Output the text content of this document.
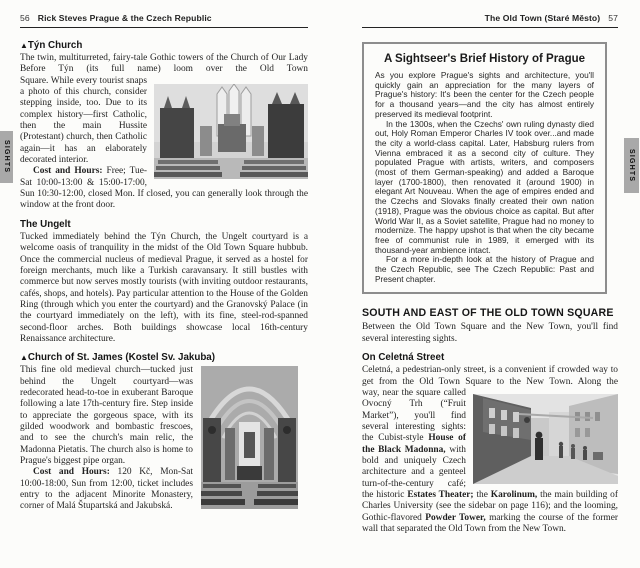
56 Rick Steves Prague & the Czech Republic
▲Týn Church

The twin, multiturreted, fairy-tale Gothic towers of the Church of Our Lady Before Týn (its full name) loom over the Old Town

Square. While every tourist snaps a photo of this church, consider stepping inside, too. Due to its complex history—first Catholic, then the main Hussite (Protestant) church, then Catholic again—it has an elaborately decorated interior.

Cost and Hours: Free; Tue-Sat 10:00-13:00 & 15:00-17:00, Sun 10:30-12:00, closed Mon. If closed, you can generally look through the window at the front door.

The Ungelt

Tucked immediately behind the Týn Church, the Ungelt courtyard is a welcome oasis of tranquility in the midst of the Old Town Square hubbub. Once the commercial nucleus of medieval Prague, it served as a hostel for foreign merchants, much like a Turkish caravansary. It still bustles with commerce but now serves mostly tourists (with inviting outdoor restaurants, cafés, shops, and hotels). Pay particular attention to the House of the Golden Ring (through which you enter the courtyard) and the Granovský Palace (in the courtyard immediately on the left), with its fine, steel-rod-spanned second-floor arches. Both buildings showcase local 16th-century Renaissance architecture.

▲Church of St. James (Kostel Sv. Jakuba)

This fine old medieval church—tucked just behind the Ungelt courtyard—was redecorated head-to-toe in exuberant Baroque following a late 17th-century fire. Step inside to appreciate the gorgeous space, with its gilded woodwork and bombastic frescoes, and to see the church's main relic, the Madonna Pietatis. The church also is home to Prague's biggest pipe organ.

Cost and Hours: 120 Kč, Mon-Sat 10:00-18:00, Sun from 12:00, ticket includes entry to the adjacent Minorite Monastery, corner of Malá Štupartská and Jakubská.

The Old Town (Staré Město) 57
A Sightseer's Brief History of Prague

As you explore Prague's sights and architecture, you'll quickly gain an appreciation for the many layers of Prague's history: It's been the center for the Czech people for a thousand years—and the city has almost entirely preserved its medieval footprint.

In the 1300s, when the Czechs' own ruling dynasty died out, Holy Roman Emperor Charles IV took over...and made the city a world-class capital. Later, Habsburg rulers from Vienna embraced it as a second city of culture. They populated Prague with artists, writers, and composers (most of them German-speaking) and added a Baroque layer (1700-1800), then renovated it (around 1900) in elegant Art Nouveau. When the age of empires ended and the Czechs and Slovaks finally created their own nation (1918), Prague was the obvious choice as capital. But after World War II, as a Soviet satellite, Prague had no money to modernize. The happy upshot is that when the city became free of communist rule in 1989, it emerged with its thousand-year ambience intact.

For a more in-depth look at the history of Prague and the Czech Republic, see The Czech Republic: Past and Present chapter.

SOUTH AND EAST OF THE OLD TOWN SQUARE

Between the Old Town Square and the New Town, you'll find several interesting sights.

On Celetná Street

Celetná, a pedestrian-only street, is a convenient if crowded way to get from the Old Town Square to the New Town. Along the

way, near the square called Ovocný Trh (“Fruit Market”), you'll find several interesting sights: the Cubist-style House of the Black Madonna, with bold and uniquely Czech architecture and a genteel turn-of-the-century café; the historic Estates Theater; the Karolinum, the main building of Charles University (see the sidebar on page 116); and the looming, Gothic-flavored Powder Tower, marking the course of the former wall that separated the Old Town from the New Town.

SIGHTS	SIGHTS
